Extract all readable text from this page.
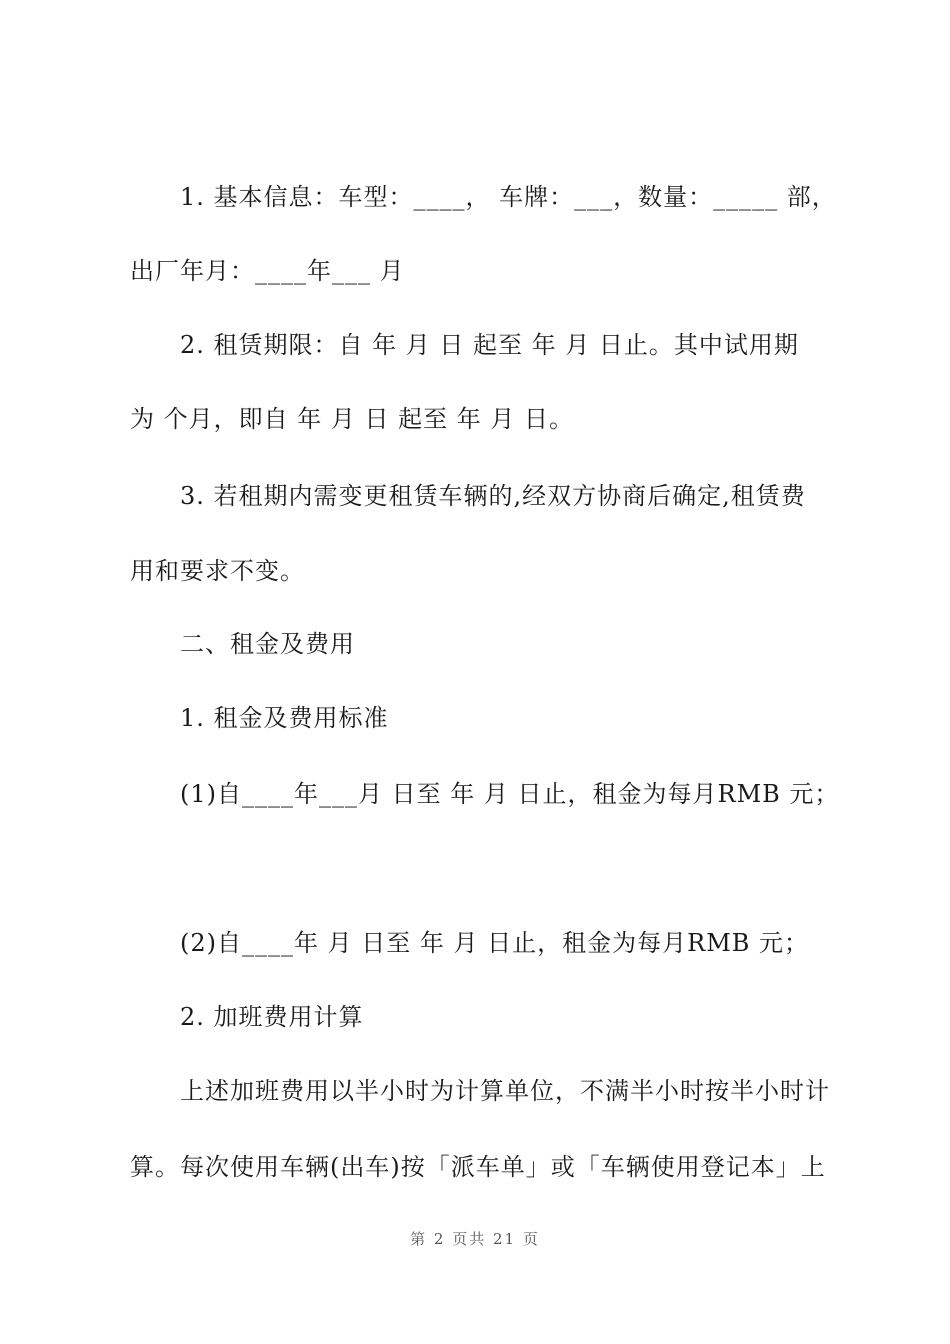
1. 基本信息：车型：____， 车牌：___，数量：_____ 部，
出厂年月：____年___ 月
2. 租赁期限：自 年 月 日 起至 年 月 日止。其中试用期
为 个月，即自 年 月 日 起至 年 月 日。
3. 若租期内需变更租赁车辆的,经双方协商后确定,租赁费
用和要求不变。
二、租金及费用
1. 租金及费用标准
(1)自____年___月 日至 年 月 日止，租金为每月RMB 元；
(2)自____年 月 日至 年 月 日止，租金为每月RMB 元；
2. 加班费用计算
上述加班费用以半小时为计算单位，不满半小时按半小时计
算。每次使用车辆(出车)按「派车单」或「车辆使用登记本」上
第 2 页共 21 页
